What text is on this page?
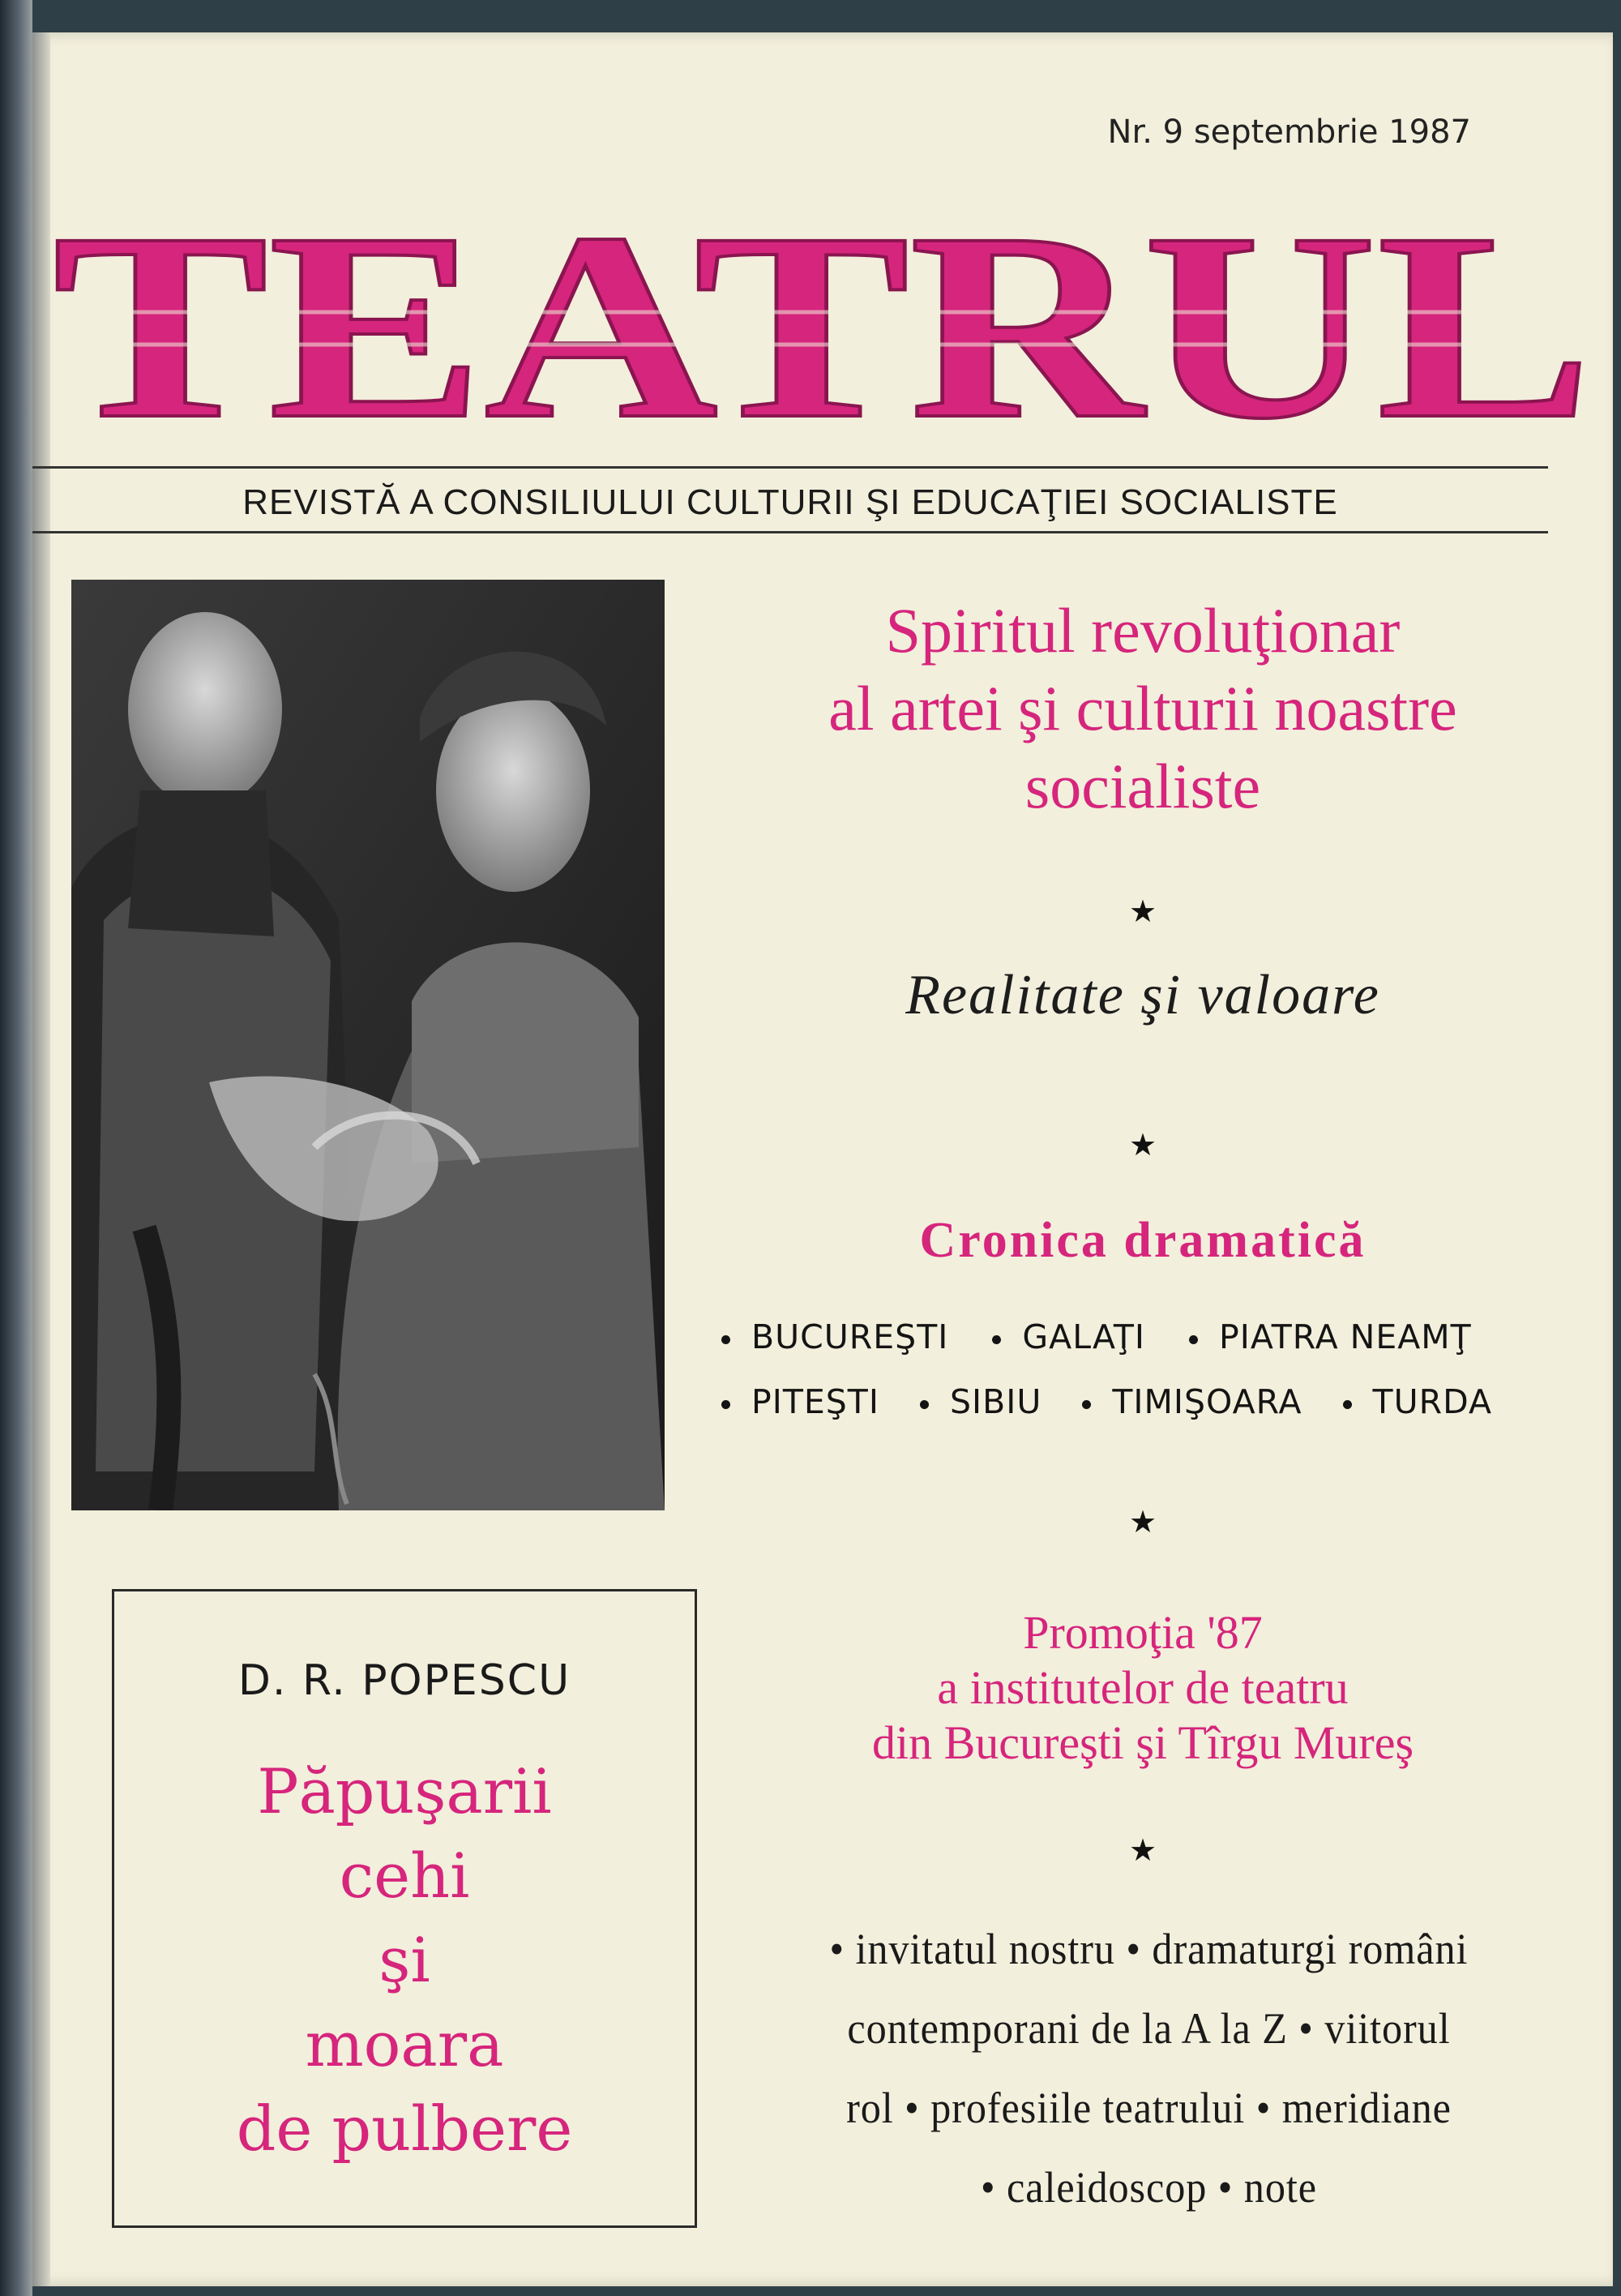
Nr. 9 septembrie 1987
TEATRUL
REVISTĂ A CONSILIULUI CULTURII ŞI EDUCAŢIEI SOCIALISTE
Spiritul revoluţionar
al artei şi culturii noastre
socialiste
★
Realitate şi valoare
★
Cronica dramatică
★
Promoţia '87
a institutelor de teatru
din Bucureşti şi Tîrgu Mureş
★
BUCUREŞTI GALAŢI PIATRA NEAMŢ
PITEŞTI SIBIU TIMIŞOARA TURDA
• invitatul nostru • dramaturgi români
contemporani de la A la Z • viitorul
rol • profesiile teatrului • meridiane
• caleidoscop • note
D. R. POPESCU
Păpuşarii
cehi
şi
moara
de pulbere
